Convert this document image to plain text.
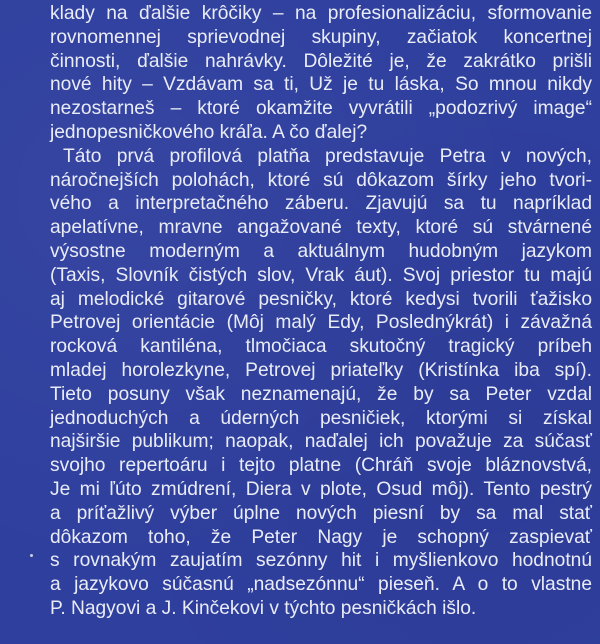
klady na ďalšie krôčiky – na profesionalizáciu, sformovanie
rovnomennej sprievodnej skupiny, začiatok koncertnej
činnosti, ďalšie nahrávky. Dôležité je, že zakrátko prišli
nové hity – Vzdávam sa ti, Už je tu láska, So mnou nikdy
nezostarneš – ktoré okamžite vyvrátili „podozrivý image“
jednopesničkového kráľa. A čo ďalej?

Táto prvá profilová platňa predstavuje Petra v nových,
náročnejších polohách, ktoré sú dôkazom šírky jeho tvori-
vého a interpretačného záberu. Zjavujú sa tu napríklad
apelatívne, mravne angažované texty, ktoré sú stvárnené
výsostne moderným a aktuálnym hudobným jazykom
(Taxis, Slovník čistých slov, Vrak áut). Svoj priestor tu majú
aj melodické gitarové pesničky, ktoré kedysi tvorili ťažisko
Petrovej orientácie (Môj malý Edy, Poslednýkrát) i závažná
rocková kantiléna, tlmočiaca skutočný tragický príbeh
mladej horolezkyne, Petrovej priateľky (Kristínka iba spí).
Tieto posuny však neznamenajú, že by sa Peter vzdal
jednoduchých a úderných pesničiek, ktorými si získal
najširšie publikum; naopak, naďalej ich považuje za súčasť
svojho repertoáru i tejto platne (Chráň svoje bláznovstvá,
Je mi ľúto zmúdrení, Diera v plote, Osud môj). Tento pestrý
a príťažlivý výber úplne nových piesní by sa mal stať
dôkazom toho, že Peter Nagy je schopný zaspievať
s rovnakým zaujatím sezónny hit i myšlienkovo hodnotnú
a jazykovo súčasnú „nadsezónnu“ pieseň. A o to vlastne
P. Nagyovi a J. Kinčekovi v týchto pesničkách išlo.
